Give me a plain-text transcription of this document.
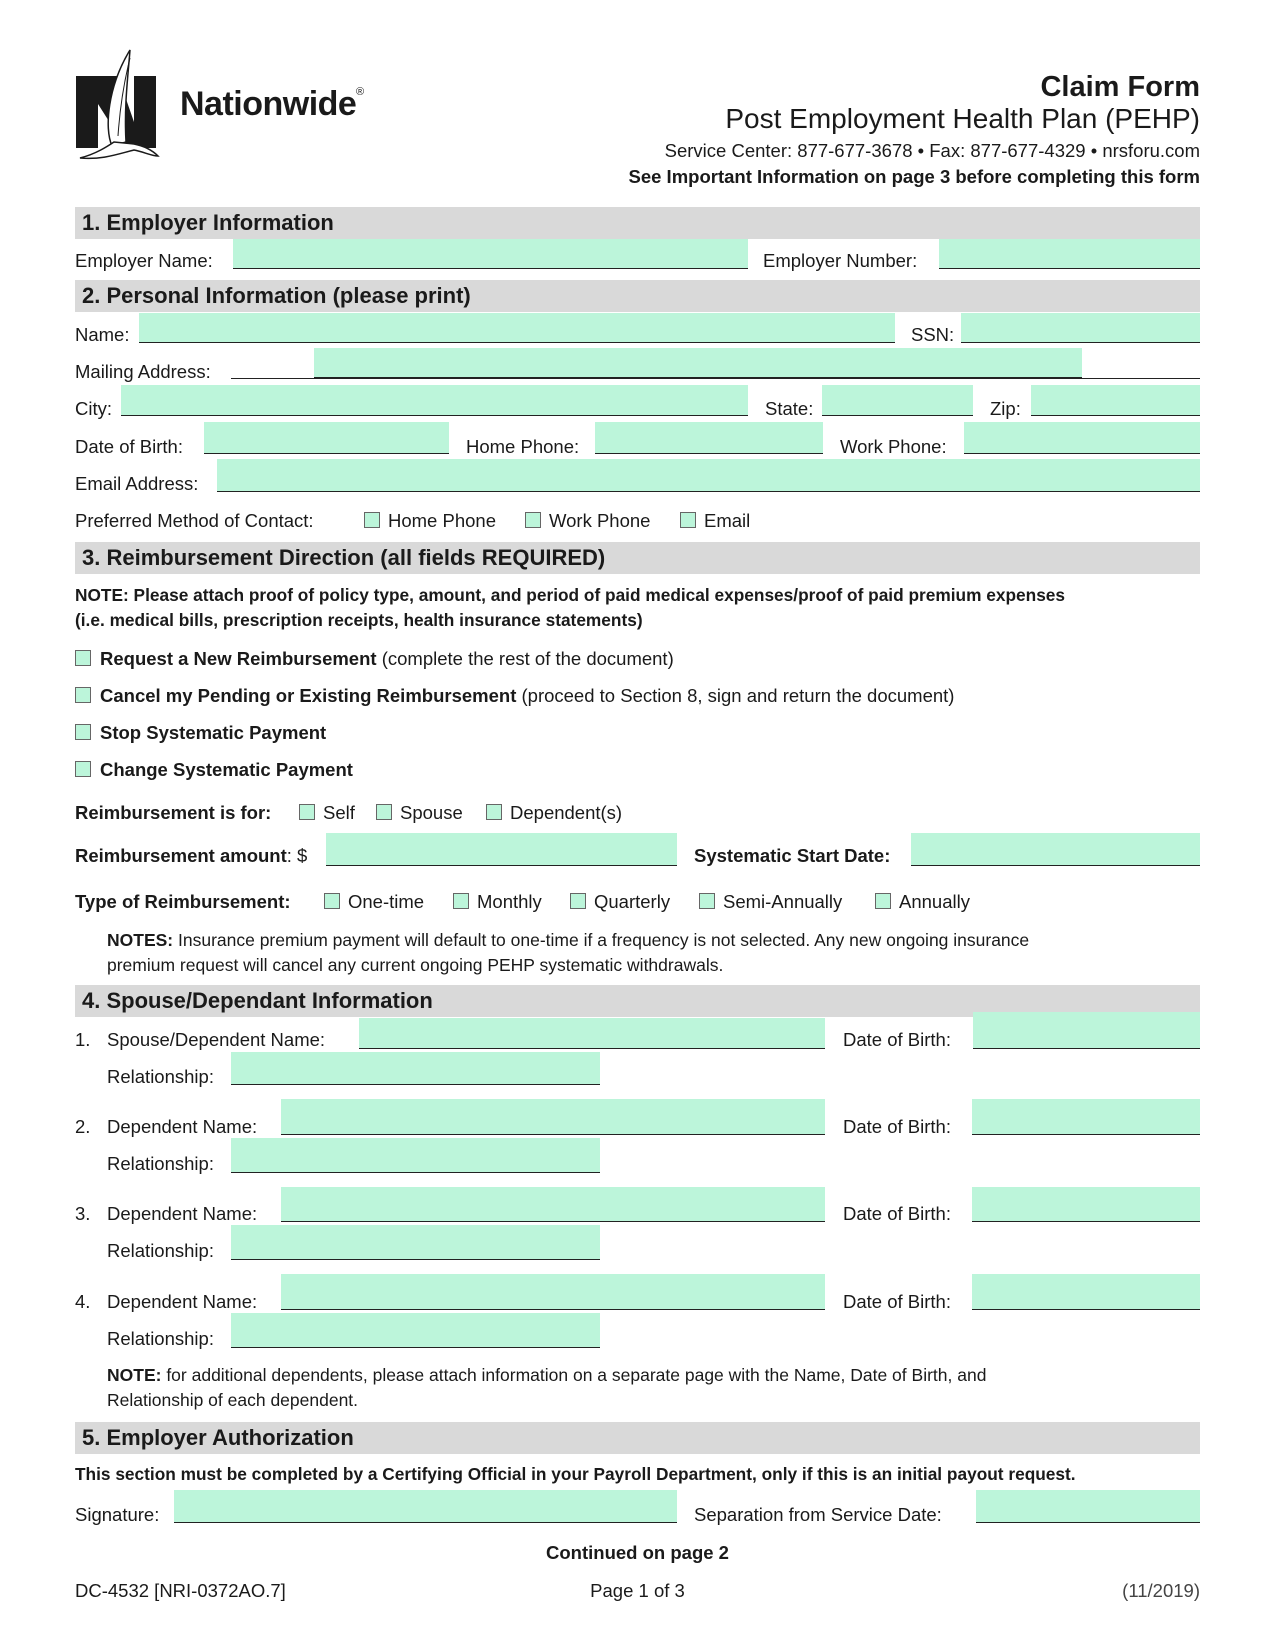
Nationwide ®	Claim Form
Post Employment Health Plan (PEHP)
Service Center: 877-677-3678 • Fax: 877-677-4329 • nrsforu.com
See Important Information on page 3 before completing this form
1. Employer Information
Employer Name:	Employer Number:
2. Personal Information (please print)
Name:	SSN:
Mailing Address:
City:	State:	Zip:
Date of Birth:	Home Phone:	Work Phone:
Email Address:
Preferred Method of Contact:	Home Phone	Work Phone	Email
3. Reimbursement Direction (all fields REQUIRED)
NOTE: Please attach proof of policy type, amount, and period of paid medical expenses/proof of paid premium expenses
(i.e. medical bills, prescription receipts, health insurance statements)
Request a New Reimbursement (complete the rest of the document)
Cancel my Pending or Existing Reimbursement (proceed to Section 8, sign and return the document)
Stop Systematic Payment
Change Systematic Payment
Reimbursement is for:	Self Spouse	Dependent(s)
Reimbursement amount: $	Systematic Start Date:
Type of Reimbursement:	One-time	Monthly	Quarterly	Semi-Annually	Annually
NOTES: Insurance premium payment will default to one-time if a frequency is not selected. Any new ongoing insurance
premium request will cancel any current ongoing PEHP systematic withdrawals.
4. Spouse/Dependant Information
1. Spouse/Dependent Name:	Date of Birth:
Relationship:
2. Dependent Name:	Date of Birth:
Relationship:
3. Dependent Name:	Date of Birth:
Relationship:
4. Dependent Name:	Date of Birth:
Relationship:
NOTE: for additional dependents, please attach information on a separate page with the Name, Date of Birth, and
Relationship of each dependent.
5. Employer Authorization
This section must be completed by a Certifying Official in your Payroll Department, only if this is an initial payout request.
Signature:	Separation from Service Date:
Continued on page 2
DC-4532 [NRI-0372AO.7]	Page 1 of 3	(11/2019)
